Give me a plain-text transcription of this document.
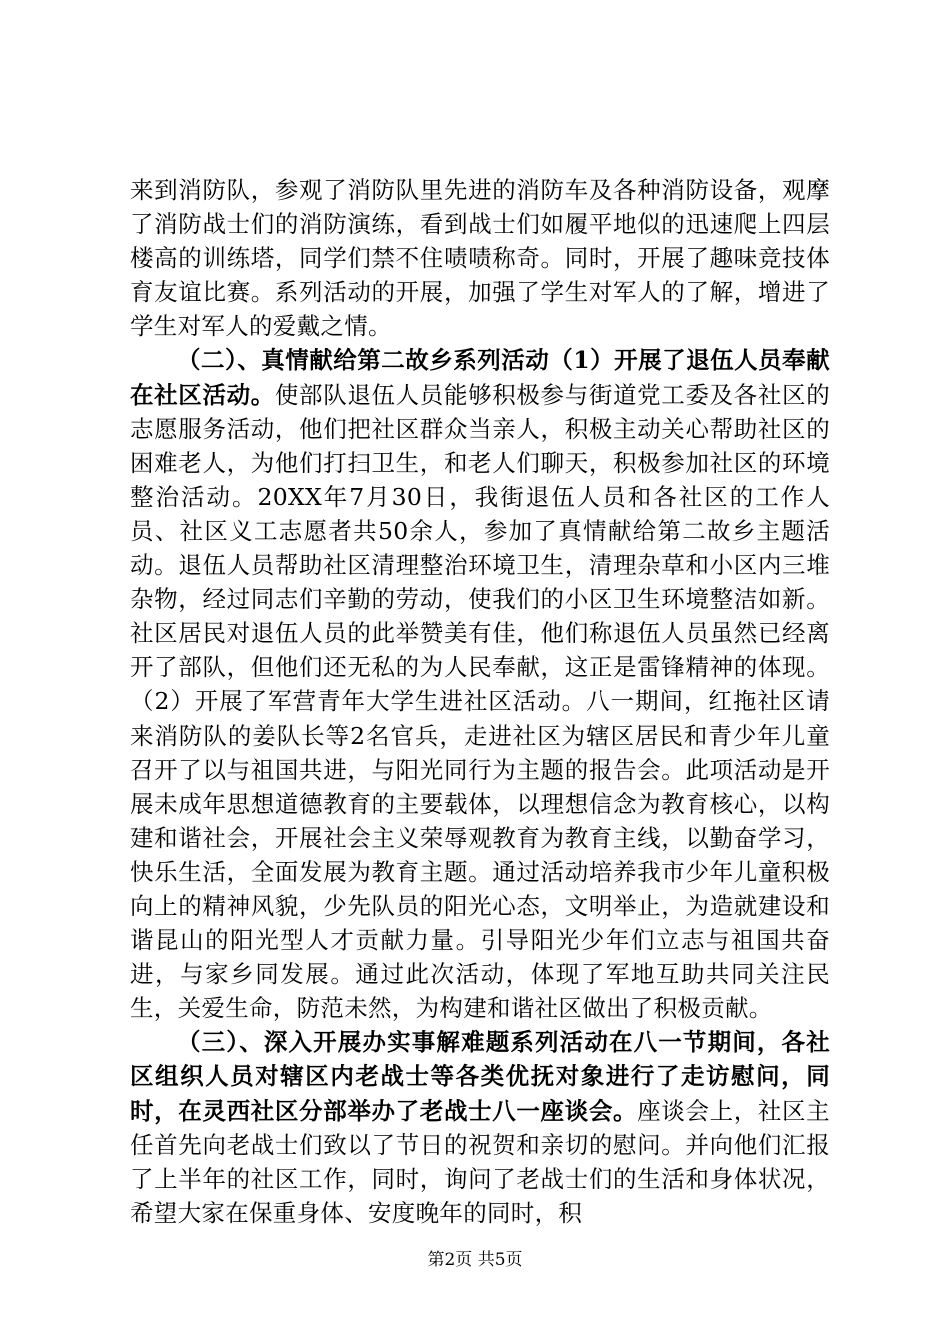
来到消防队，参观了消防队里先进的消防车及各种消防设备，观摩了消防战士们的消防演练，看到战士们如履平地似的迅速爬上四层楼高的训练塔，同学们禁不住啧啧称奇。同时，开展了趣味竞技体育友谊比赛。系列活动的开展，加强了学生对军人的了解，增进了学生对军人的爱戴之情。

（二）、真情献给第二故乡系列活动（1）开展了退伍人员奉献在社区活动。使部队退伍人员能够积极参与街道党工委及各社区的志愿服务活动，他们把社区群众当亲人，积极主动关心帮助社区的困难老人，为他们打扫卫生，和老人们聊天，积极参加社区的环境整治活动。20XX年7月30日，我街退伍人员和各社区的工作人员、社区义工志愿者共50余人，参加了真情献给第二故乡主题活动。退伍人员帮助社区清理整治环境卫生，清理杂草和小区内三堆杂物，经过同志们辛勤的劳动，使我们的小区卫生环境整洁如新。社区居民对退伍人员的此举赞美有佳，他们称退伍人员虽然已经离开了部队，但他们还无私的为人民奉献，这正是雷锋精神的体现。（2）开展了军营青年大学生进社区活动。八一期间，红拖社区请来消防队的姜队长等2名官兵，走进社区为辖区居民和青少年儿童召开了以与祖国共进，与阳光同行为主题的报告会。此项活动是开展未成年思想道德教育的主要载体，以理想信念为教育核心，以构建和谐社会，开展社会主义荣辱观教育为教育主线，以勤奋学习，快乐生活，全面发展为教育主题。通过活动培养我市少年儿童积极向上的精神风貌，少先队员的阳光心态，文明举止，为造就建设和谐昆山的阳光型人才贡献力量。引导阳光少年们立志与祖国共奋进，与家乡同发展。通过此次活动，体现了军地互助共同关注民生，关爱生命，防范未然，为构建和谐社区做出了积极贡献。

（三）、深入开展办实事解难题系列活动在八一节期间，各社区组织人员对辖区内老战士等各类优抚对象进行了走访慰问，同时，在灵西社区分部举办了老战士八一座谈会。座谈会上，社区主任首先向老战士们致以了节日的祝贺和亲切的慰问。并向他们汇报了上半年的社区工作，同时，询问了老战士们的生活和身体状况，希望大家在保重身体、安度晚年的同时，积

第2页 共5页
